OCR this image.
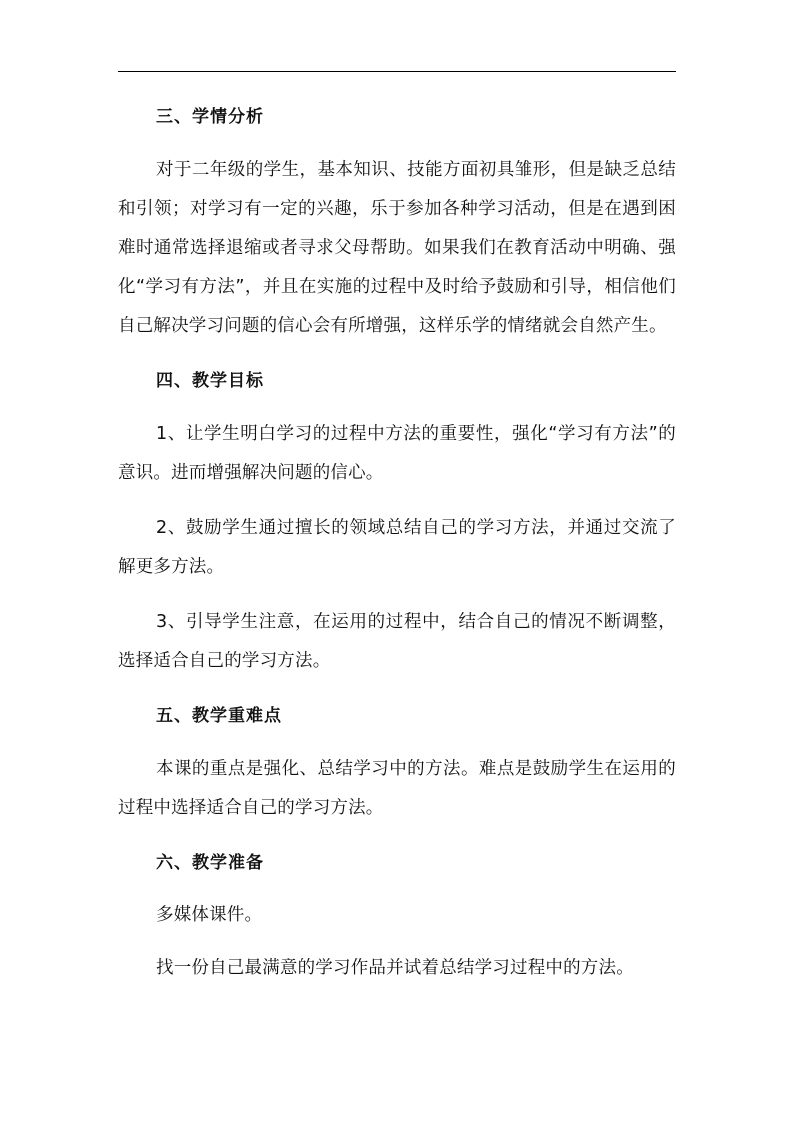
三、学情分析

对于二年级的学生，基本知识、技能方面初具雏形，但是缺乏总结和引领；对学习有一定的兴趣，乐于参加各种学习活动，但是在遇到困难时通常选择退缩或者寻求父母帮助。如果我们在教育活动中明确、强化“学习有方法”，并且在实施的过程中及时给予鼓励和引导，相信他们自己解决学习问题的信心会有所增强，这样乐学的情绪就会自然产生。

四、教学目标

1、让学生明白学习的过程中方法的重要性，强化“学习有方法”的意识。进而增强解决问题的信心。

2、鼓励学生通过擅长的领域总结自己的学习方法，并通过交流了解更多方法。

3、引导学生注意，在运用的过程中，结合自己的情况不断调整，选择适合自己的学习方法。

五、教学重难点

本课的重点是强化、总结学习中的方法。难点是鼓励学生在运用的过程中选择适合自己的学习方法。

六、教学准备

多媒体课件。

找一份自己最满意的学习作品并试着总结学习过程中的方法。
